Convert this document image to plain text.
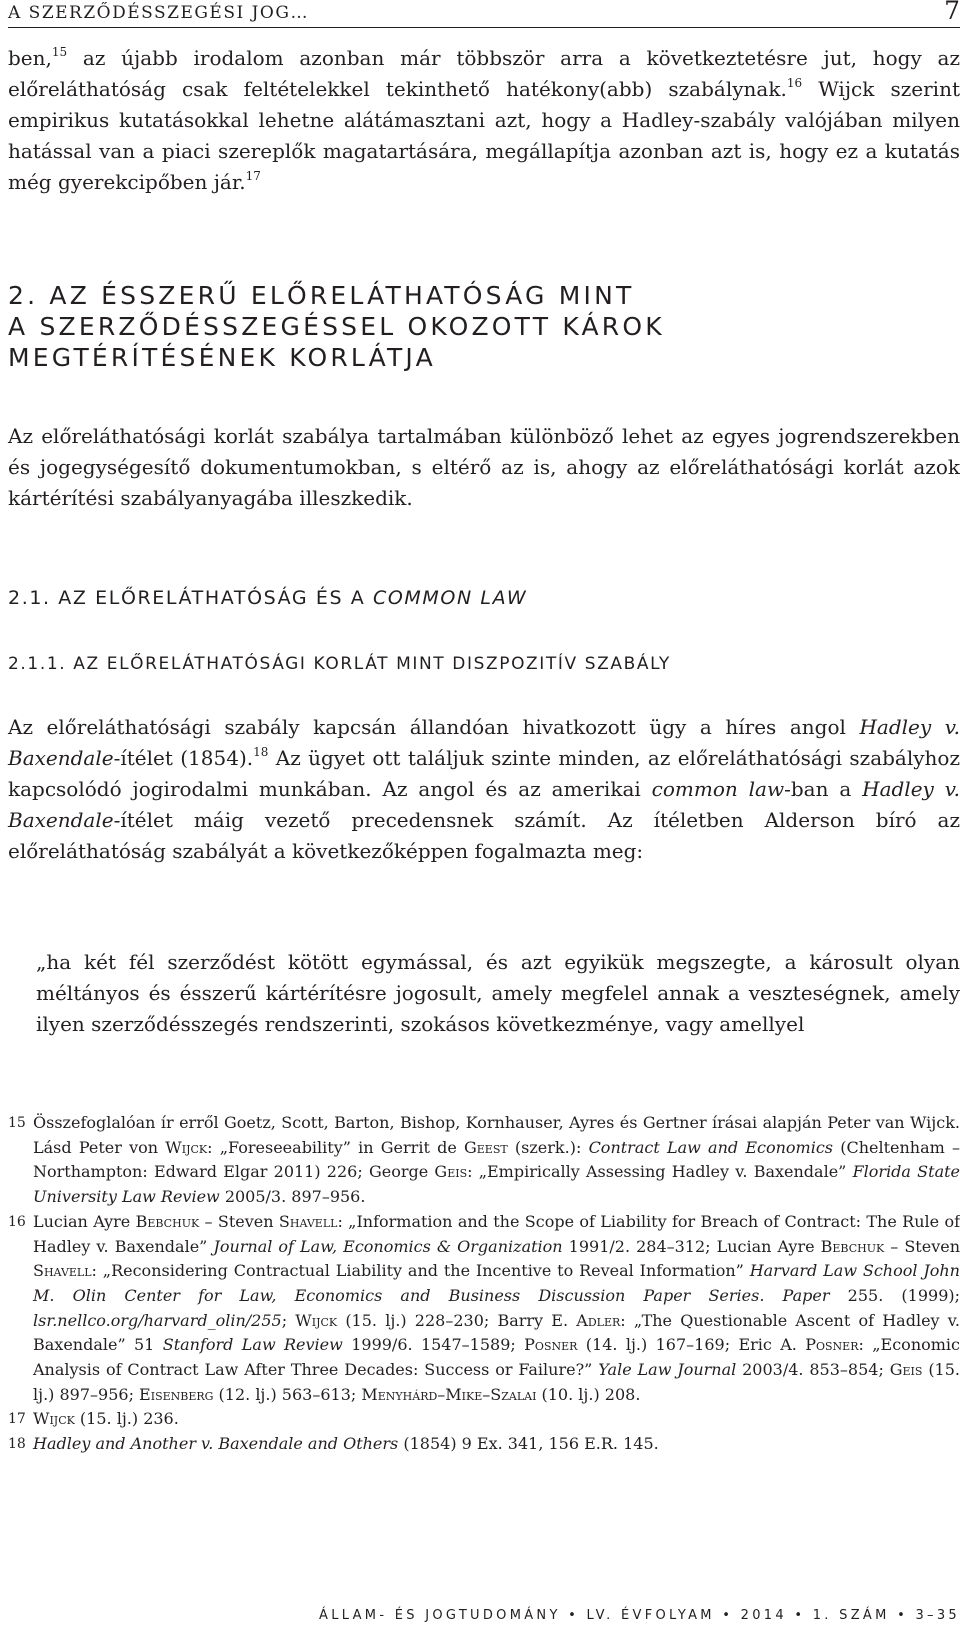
A SZERZŐDÉSSZEGÉSI JOG…	7

ben,$^{15}$ az újabb irodalom azonban már többször arra a következtetésre jut, hogy az előreláthatóság csak feltételekkel tekinthető hatékony(abb) szabálynak.$^{16}$ Wijck szerint empirikus kutatásokkal lehetne alátámasztani azt, hogy a Hadley-szabály valójában milyen hatással van a piaci szereplők magatartására, megállapítja azonban azt is, hogy ez a kutatás még gyerekcipőben jár.$^{17}$

2. AZ ÉSSZERŰ ELŐRELÁTHATÓSÁG MINT
A SZERZŐDÉSSZEGÉSSEL OKOZOTT KÁROK
MEGTÉRÍTÉSÉNEK KORLÁTJA

Az előreláthatósági korlát szabálya tartalmában különböző lehet az egyes jogrendszerekben és jogegységesítő dokumentumokban, s eltérő az is, ahogy az előreláthatósági korlát azok kártérítési szabályanyagába illeszkedik.

2.1. AZ ELŐRELÁTHATÓSÁG ÉS A COMMON LAW
2.1.1. AZ ELŐRELÁTHATÓSÁGI KORLÁT MINT DISZPOZITÍV SZABÁLY

Az előreláthatósági szabály kapcsán állandóan hivatkozott ügy a híres angol Hadley v. Baxendale-ítélet (1854).$^{18}$ Az ügyet ott találjuk szinte minden, az előreláthatósági szabályhoz kapcsolódó jogirodalmi munkában. Az angol és az amerikai common law-ban a Hadley v. Baxendale-ítélet máig vezető precedensnek számít. Az ítéletben Alderson bíró az előreláthatóság szabályát a következőképpen fogalmazta meg:

„ha két fél szerződést kötött egymással, és azt egyikük megszegte, a károsult olyan méltányos és ésszerű kártérítésre jogosult, amely megfelel annak a veszteségnek, amely ilyen szerződésszegés rendszerinti, szokásos következménye, vagy amellyel

15 Összefoglalóan ír erről Goetz, Scott, Barton, Bishop, Kornhauser, Ayres és Gertner írásai alapján Peter van Wijck. Lásd Peter von Wijck: „Foreseeability” in Gerrit de Geest (szerk.): Contract Law and Economics (Cheltenham – Northampton: Edward Elgar 2011) 226; George Geis: „Empirically Assessing Hadley v. Baxendale” Florida State University Law Review 2005/3. 897–956.

16 Lucian Ayre Bebchuk – Steven Shavell: „Information and the Scope of Liability for Breach of Contract: The Rule of Hadley v. Baxendale” Journal of Law, Economics & Organization 1991/2. 284–312; Lucian Ayre Bebchuk – Steven Shavell: „Reconsidering Contractual Liability and the Incentive to Reveal Information” Harvard Law School John M. Olin Center for Law, Economics and Business Discussion Paper Series. Paper 255. (1999); lsr.nellco.org/harvard_olin/255; Wijck (15. lj.) 228–230; Barry E. Adler: „The Questionable Ascent of Hadley v. Baxendale” 51 Stanford Law Review 1999/6. 1547–1589; Posner (14. lj.) 167–169; Eric A. Posner: „Economic Analysis of Contract Law After Three Decades: Success or Failure?” Yale Law Journal 2003/4. 853–854; Geis (15. lj.) 897–956; Eisenberg (12. lj.) 563–613; Menyhárd–Mike–Szalai (10. lj.) 208.

17 Wijck (15. lj.) 236.

18 Hadley and Another v. Baxendale and Others (1854) 9 Ex. 341, 156 E.R. 145.

ÁLLAM- ÉS JOGTUDOMÁNY • LV. ÉVFOLYAM • 2014 • 1. SZÁM • 3–35
